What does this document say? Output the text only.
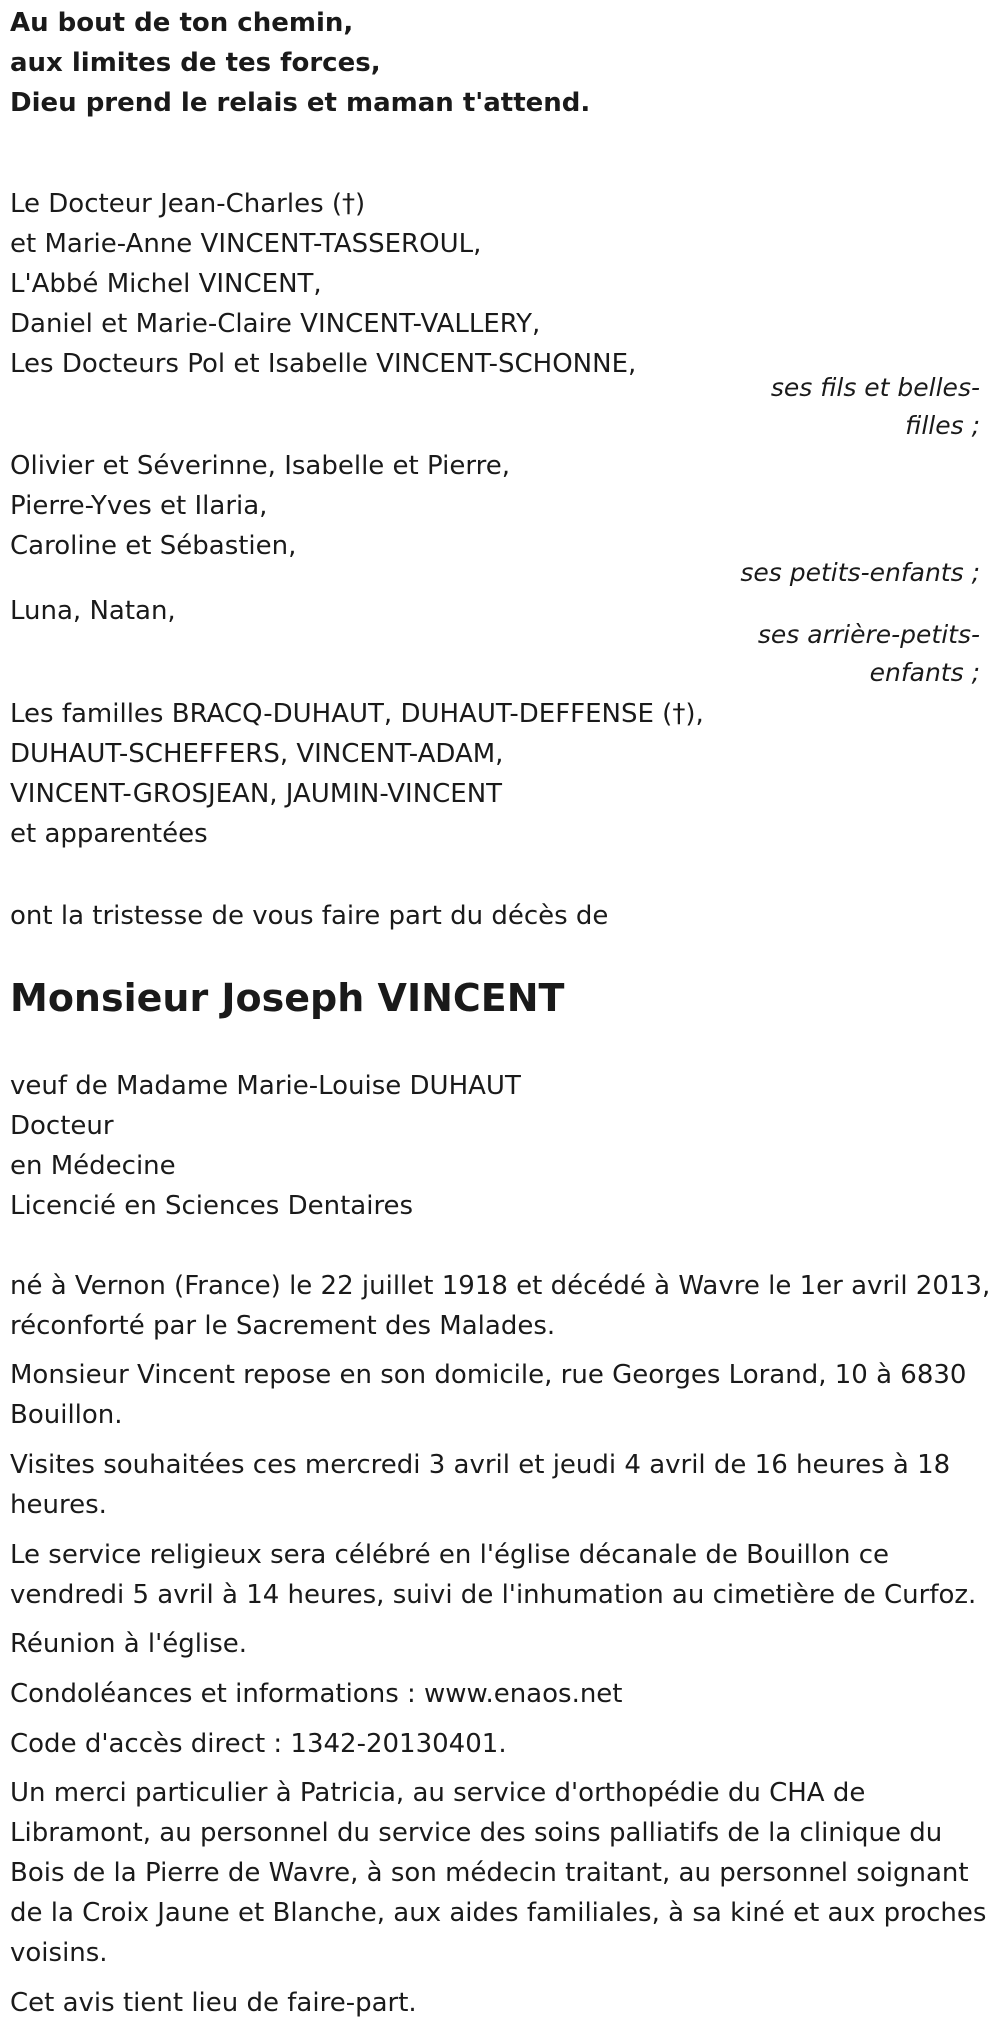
Au bout de ton chemin,
aux limites de tes forces,
Dieu prend le relais et maman t'attend.
Le Docteur Jean-Charles (†)
et Marie-Anne VINCENT-TASSEROUL,
L'Abbé Michel VINCENT,
Daniel et Marie-Claire VINCENT-VALLERY,
Les Docteurs Pol et Isabelle VINCENT-SCHONNE,
ses fils et belles-
filles ;
Olivier et Séverinne, Isabelle et Pierre,
Pierre-Yves et Ilaria,
Caroline et Sébastien,
ses petits-enfants ;
Luna, Natan,
ses arrière-petits-
enfants ;
Les familles BRACQ-DUHAUT, DUHAUT-DEFFENSE (†),
DUHAUT-SCHEFFERS, VINCENT-ADAM,
VINCENT-GROSJEAN, JAUMIN-VINCENT
et apparentées
ont la tristesse de vous faire part du décès de
Monsieur Joseph VINCENT
veuf de Madame Marie-Louise DUHAUT
Docteur
en Médecine
Licencié en Sciences Dentaires
né à Vernon (France) le 22 juillet 1918 et décédé à Wavre le 1er avril 2013, réconforté par le Sacrement des Malades.
Monsieur Vincent repose en son domicile, rue Georges Lorand, 10 à 6830 Bouillon.
Visites souhaitées ces mercredi 3 avril et jeudi 4 avril de 16 heures à 18 heures.
Le service religieux sera célébré en l'église décanale de Bouillon ce vendredi 5 avril à 14 heures, suivi de l'inhumation au cimetière de Curfoz.
Réunion à l'église.
Condoléances et informations : www.enaos.net
Code d'accès direct : 1342-20130401.
Un merci particulier à Patricia, au service d'orthopédie du CHA de Libramont, au personnel du service des soins palliatifs de la clinique du Bois de la Pierre de Wavre, à son médecin traitant, au personnel soignant de la Croix Jaune et Blanche, aux aides familiales, à sa kiné et aux proches voisins.
Cet avis tient lieu de faire-part.
